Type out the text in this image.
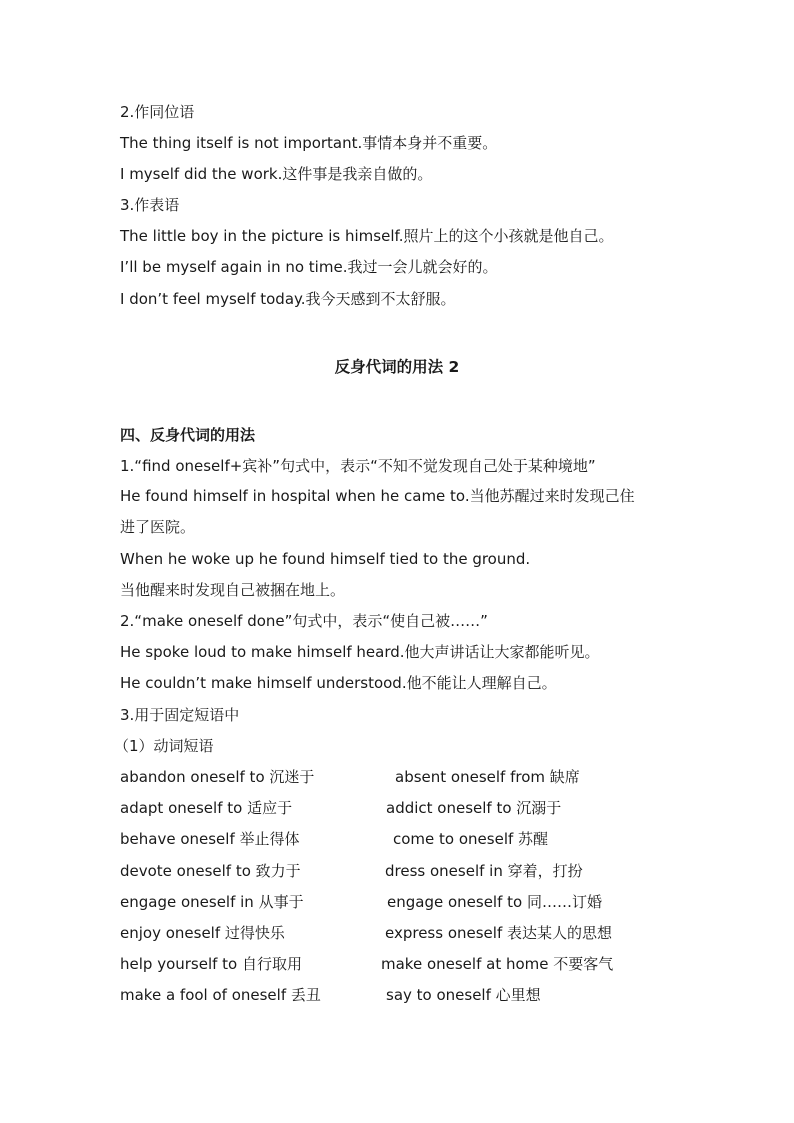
2.作同位语
The thing itself is not important.事情本身并不重要。
I myself did the work.这件事是我亲自做的。
3.作表语
The little boy in the picture is himself.照片上的这个小孩就是他自己。
I’ll be myself again in no time.我过一会儿就会好的。
I don’t feel myself today.我今天感到不太舒服。
反身代词的用法 2
四、反身代词的用法
1.“find oneself+宾补”句式中，表示“不知不觉发现自己处于某种境地”
He found himself in hospital when he came to.当他苏醒过来时发现己住
进了医院。
When he woke up he found himself tied to the ground.
当他醒来时发现自己被捆在地上。
2.“make oneself done”句式中，表示“使自己被……”
He spoke loud to make himself heard.他大声讲话让大家都能听见。
He couldn’t make himself understood.他不能让人理解自己。
3.用于固定短语中
（1）动词短语
abandon oneself to 沉迷于	absent oneself from 缺席
adapt oneself to 适应于	addict oneself to 沉溺于
behave oneself 举止得体	come to oneself 苏醒
devote oneself to 致力于	dress oneself in 穿着，打扮
engage oneself in 从事于	engage oneself to 同……订婚
enjoy oneself 过得快乐	express oneself 表达某人的思想
help yourself to 自行取用	make oneself at home 不要客气
make a fool of oneself 丢丑	say to oneself 心里想
